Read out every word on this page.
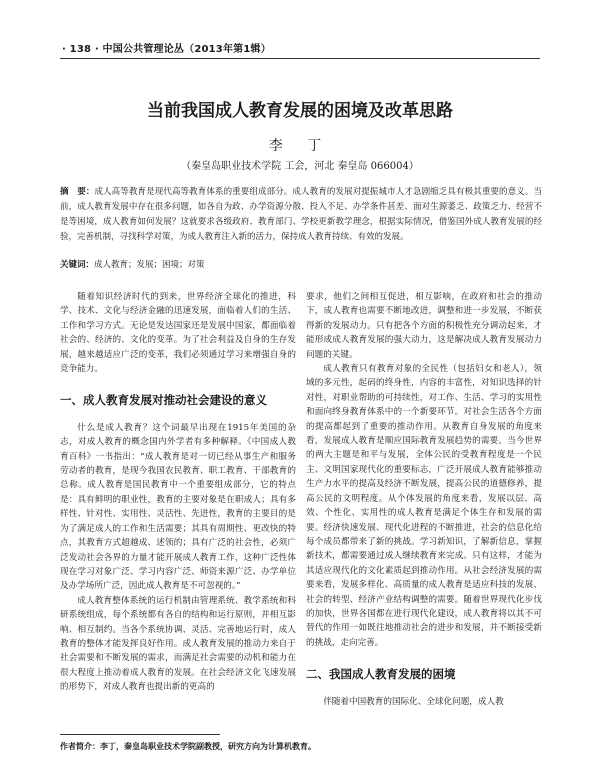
· 138 · 中国公共管理论丛（2013年第1辑）
当前我国成人教育发展的困境及改革思路
李 丁
（秦皇岛职业技术学院 工会，河北 秦皇岛 066004）
摘　要：成人高等教育是现代高等教育体系的重要组成部分。成人教育的发展对提振城市人才急剧缩乏具有极其重要的意义。当前，成人教育发展中存在很多问题，如各自为政、办学资源分散、投入不足、办学条件甚差、面对生源萎乏、政策乏力、经营不是等困境，成人教育如何发展？这就要求各级政府、教育部门、学校更新教学理念，根据实际情况，借鉴国外成人教育发展的经验，完善机制，寻找科学对策，为成人教育注入新的活力，保持成人教育持续、有效的发展。
关键词：成人教育；发展；困境；对策

随着知识经济时代的到来，世界经济全球化的推进，科学、技术、文化与经济金融的迅速发展，面临着人们的生活、工作和学习方式。无论是发达国家还是发展中国家，都面临着社会的、经济的、文化的变革。为了社会利益及自身的生存发展，越来越适应广泛的变革，我们必须通过学习来增强自身的竞争能力。

一、成人教育发展对推动社会建设的意义

什么是成人教育？这个词最早出现在1915年美国的杂志，对成人教育的概念国内外学者有多种解释。《中国成人教育百科》一书指出：“成人教育是对一切已经从事生产和服务劳动者的教育，是现今我国农民教育、职工教育、干部教育的总称。成人教育是国民教育中一个重要组成部分，它的特点是：具有鲜明的职业性，教育的主要对象是在职成人；具有多样性、针对性、实用性、灵活性、先进性，教育的主要目的是为了满足成人的工作和生活需要；其具有周期性、更改快的特点，其教育方式超越成、述领的；具有广泛的社会性，必须广泛发动社会各界的力量才能开展成人教育工作，这种广泛性体现在学习对象广泛、学习内容广泛、师资来源广泛、办学单位及办学场所广泛，因此成人教育是不可忽视的。”

成人教育整体系统的运行机制由管理系统、教学系统和科研系统组成，每个系统都有各自的结构和运行原则，并相互影响、相互制约。当各个系统协调、灵活、完善地运行时，成人教育的整体才能发挥良好作用。成人教育发展的推动力来自于社会需要和不断发展的需求，而满足社会需要的动机和能力在很大程度上推动着成人教育的发展。在社会经济文化飞速发展的形势下，对成人教育也提出新的更高的

要求，他们之间相互促进，相互影响，在政府和社会的推动下，成人教育也需要不断地改进，调整和进一步发展，不断获得新的发展动力。只有把各个方面的积极性充分调动起来，才能形成成人教育发展的强大动力，这是解决成人教育发展动力问题的关键。

成人教育只有教育对象的全民性（包括妇女和老人），领域的多元性，起码的终身性，内容的丰富性，对知识选择的针对性，对职业帮助的可持续性，对工作、生活、学习的实用性和面向终身教育体系中的一个新要环节。对社会生活各个方面的提高都起到了重要的推动作用。从教育自身发展的角度来看，发展成人教育是顺应国际教育发展趋势的需要。当今世界的两大主题是和平与发展，全体公民的受教育程度是一个民主、文明国家现代化的重要标志，广泛开展成人教育能够推动生产力水平的提高及经济不断发展，提高公民的道德修养，提高公民的文明程度。从个体发展的角度来看，发展以层、高效、个性化、实用性的成人教育是满足个体生存和发展的需要。经济快速发展、现代化进程的不断推进，社会的信息化给每个成员都带来了新的挑战。学习新知识，了解新信息，掌握新技术，都需要通过成人继续教育来完成。只有这样，才能为其适应现代化的文化素质起到推动作用。从社会经济发展的需要来看，发展多样化、高质量的成人教育是适应科技的发展、社会的转型、经济产业结构调整的需要。随着世界现代化步伐的加快，世界各国都在进行现代化建设，成人教育将以其不可替代的作用一如既往地推动社会的进步和发展，并不断接受新的挑战，走向完善。

二、我国成人教育发展的困境

伴随着中国教育的国际化、全球化问题，成人教

作者简介：李丁，秦皇岛职业技术学院副教授，研究方向为计算机教育。
